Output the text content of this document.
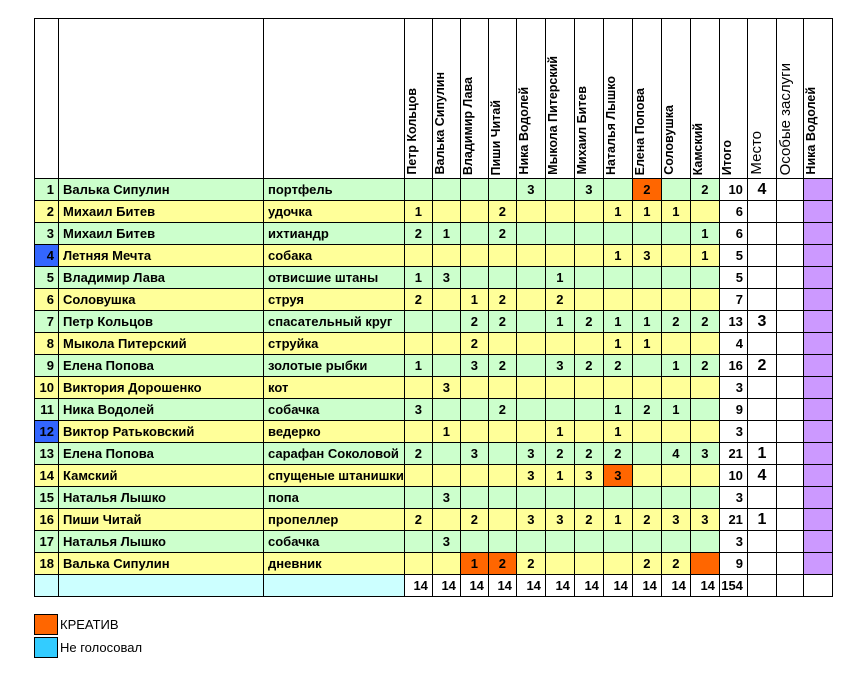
			Петр Кольцов	Валька Сипулин	Владимир Лава	Пиши Читай	Ника Водолей	Мыкола Питерский	Михаил Битев	Наталья Лышко	Елена Попова	Соловушка	Камский	Итого	Место	Особые заслуги	Ника Водолей
1	Валька Сипулин	портфель					3		3		2		2	10	4		
2	Михаил Битев	удочка	1			2				1	1	1		6			
3	Михаил Битев	ихтиандр	2	1		2							1	6			
4	Летняя Мечта	собака								1	3		1	5			
5	Владимир Лава	отвисшие штаны	1	3				1						5			
6	Соловушка	струя	2		1	2		2						7			
7	Петр Кольцов	спасательный круг			2	2		1	2	1	1	2	2	13	3		
8	Мыкола Питерский	струйка			2					1	1			4			
9	Елена Попова	золотые рыбки	1		3	2		3	2	2		1	2	16	2		
10	Виктория Дорошенко	кот		3										3			
11	Ника Водолей	собачка	3			2				1	2	1		9			
12	Виктор Ратьковский	ведерко		1				1		1				3			
13	Елена Попова	сарафан Соколовой	2		3		3	2	2	2		4	3	21	1		
14	Камский	спущеные штанишки					3	1	3	3				10	4		
15	Наталья Лышко	попа		3										3			
16	Пиши Читай	пропеллер	2		2		3	3	2	1	2	3	3	21	1		
17	Наталья Лышко	собачка		3										3			
18	Валька Сипулин	дневник			1	2	2				2	2		9			
			14	14	14	14	14	14	14	14	14	14	14	154			
КРЕАТИВ
Не голосовал
